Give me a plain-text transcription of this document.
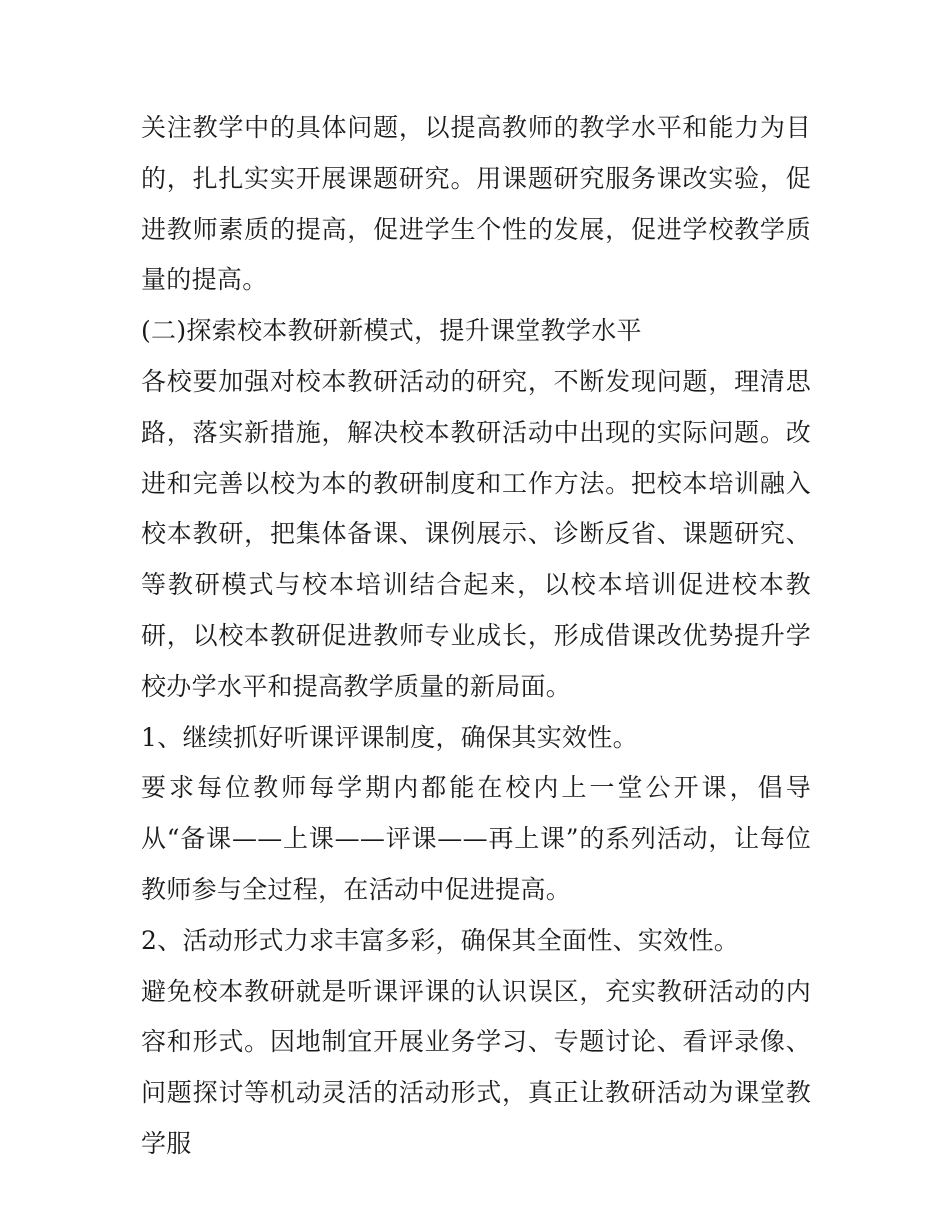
关注教学中的具体问题，以提高教师的教学水平和能力为目的，扎扎实实开展课题研究。用课题研究服务课改实验，促进教师素质的提高，促进学生个性的发展，促进学校教学质量的提高。

(二)探索校本教研新模式，提升课堂教学水平

各校要加强对校本教研活动的研究，不断发现问题，理清思路，落实新措施，解决校本教研活动中出现的实际问题。改进和完善以校为本的教研制度和工作方法。把校本培训融入校本教研，把集体备课、课例展示、诊断反省、课题研究、等教研模式与校本培训结合起来，以校本培训促进校本教研，以校本教研促进教师专业成长，形成借课改优势提升学校办学水平和提高教学质量的新局面。

1、继续抓好听课评课制度，确保其实效性。

要求每位教师每学期内都能在校内上一堂公开课，倡导从“备课——上课——评课——再上课”的系列活动，让每位教师参与全过程，在活动中促进提高。

2、活动形式力求丰富多彩，确保其全面性、实效性。

避免校本教研就是听课评课的认识误区，充实教研活动的内容和形式。因地制宜开展业务学习、专题讨论、看评录像、问题探讨等机动灵活的活动形式，真正让教研活动为课堂教学服
